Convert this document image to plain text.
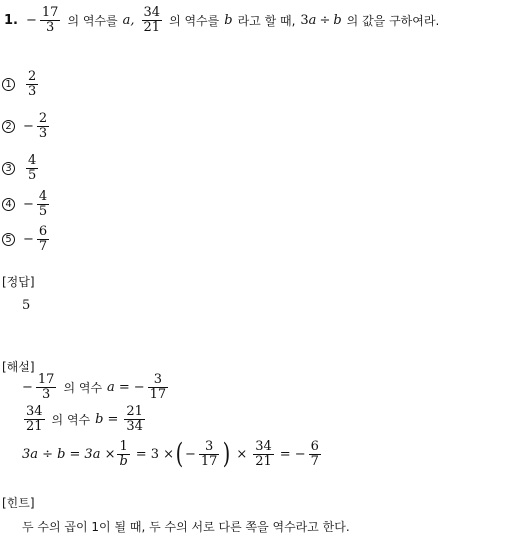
1. − $\frac{17}{3}$ 의 역수를 a, $\frac{34}{21}$ 의 역수를 b 라고 할 때, 3 a ÷ b 의 값을 구하여라.
$1 \frac{2}{3}$
$2 - \frac{2}{3}$
$3 \frac{4}{5}$
$4 - \frac{4}{5}$
$5 - \frac{6}{7}$
[정답]
5
[해설]
− $\frac{17}{3}$ 의 역수 a = − $\frac{3}{17}$
$\frac{34}{21}$ 의 역수 $b = \frac{21}{34}$
$3a \div b = 3a \times \frac{1}{b} = 3$ × ( − $\frac{3}{17}$ ) × $\frac{34}{21}$ = − $\frac{6}{7}$
[힌트]
두 수의 곱이 1이 될 때, 두 수의 서로 다른 쪽을 역수라고 한다.
